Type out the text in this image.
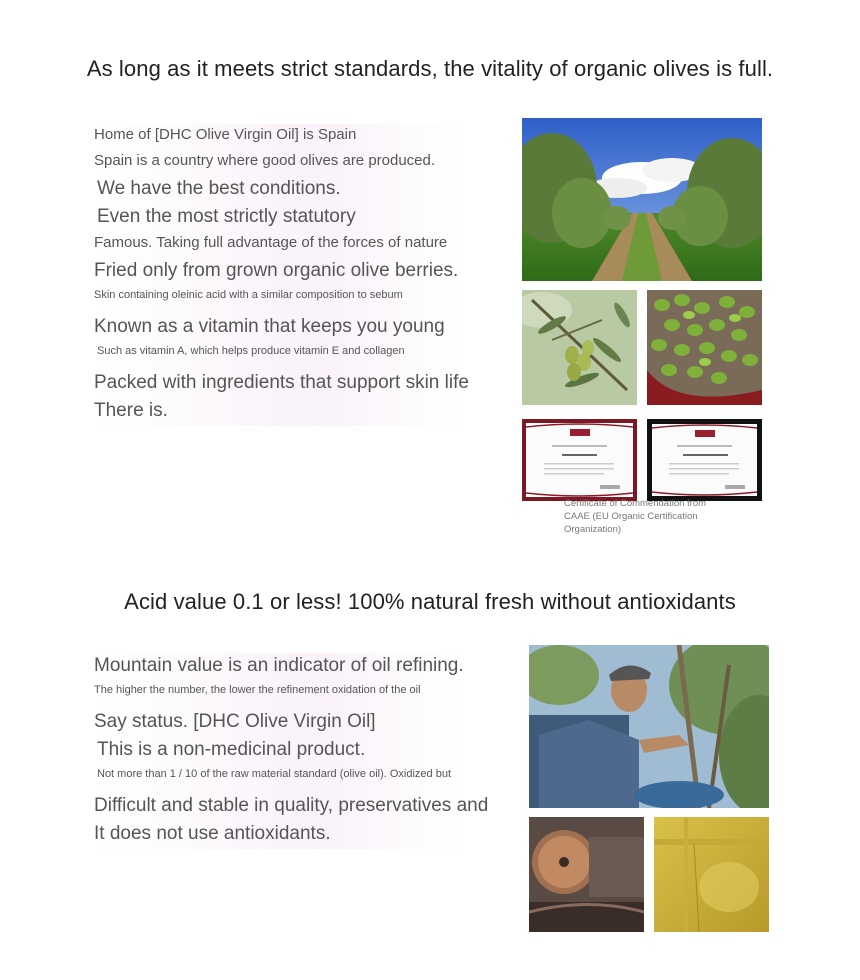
As long as it meets strict standards, the vitality of organic olives is full.
Home of [DHC Olive Virgin Oil] is Spain
Spain is a country where good olives are produced.
We have the best conditions.
Even the most strictly statutory
Famous. Taking full advantage of the forces of nature
Fried only from grown organic olive berries.
Skin containing oleinic acid with a similar composition to sebum
Known as a vitamin that keeps you young
Such as vitamin A, which helps produce vitamin E and collagen
Packed with ingredients that support skin life
There is.
Certificate of Commendation from CAAE (EU Organic Certification Organization)
Acid value 0.1 or less! 100% natural fresh without antioxidants
Mountain value is an indicator of oil refining.
The higher the number, the lower the refinement oxidation of the oil
Say status. [DHC Olive Virgin Oil]
This is a non-medicinal product.
Not more than 1 / 10 of the raw material standard (olive oil). Oxidized but
Difficult and stable in quality, preservatives and
It does not use antioxidants.
